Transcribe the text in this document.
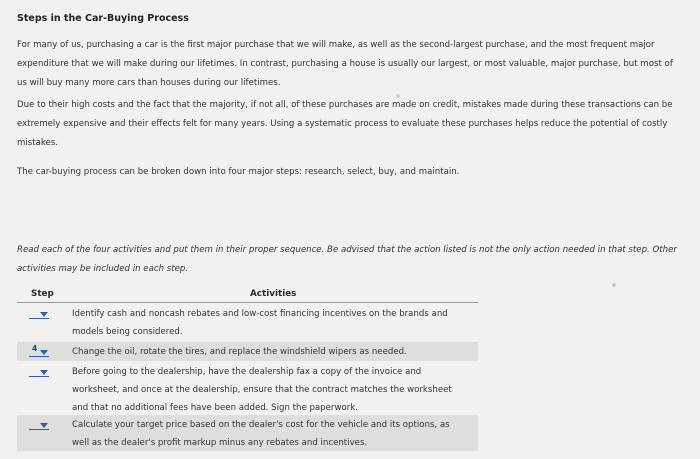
Steps in the Car-Buying Process
For many of us, purchasing a car is the first major purchase that we will make, as well as the second-largest purchase, and the most frequent major expenditure that we will make during our lifetimes. In contrast, purchasing a house is usually our largest, or most valuable, major purchase, but most of us will buy many more cars than houses during our lifetimes.
Due to their high costs and the fact that the majority, if not all, of these purchases are made on credit, mistakes made during these transactions can be extremely expensive and their effects felt for many years. Using a systematic process to evaluate these purchases helps reduce the potential of costly mistakes.
The car-buying process can be broken down into four major steps: research, select, buy, and maintain.
Read each of the four activities and put them in their proper sequence. Be advised that the action listed is not the only action needed in that step. Other activities may be included in each step.
Step	Activities
Identify cash and noncash rebates and low-cost financing incentives on the brands and models being considered.
4	Change the oil, rotate the tires, and replace the windshield wipers as needed.
Before going to the dealership, have the dealership fax a copy of the invoice and worksheet, and once at the dealership, ensure that the contract matches the worksheet and that no additional fees have been added. Sign the paperwork.
Calculate your target price based on the dealer's cost for the vehicle and its options, as well as the dealer's profit markup minus any rebates and incentives.
